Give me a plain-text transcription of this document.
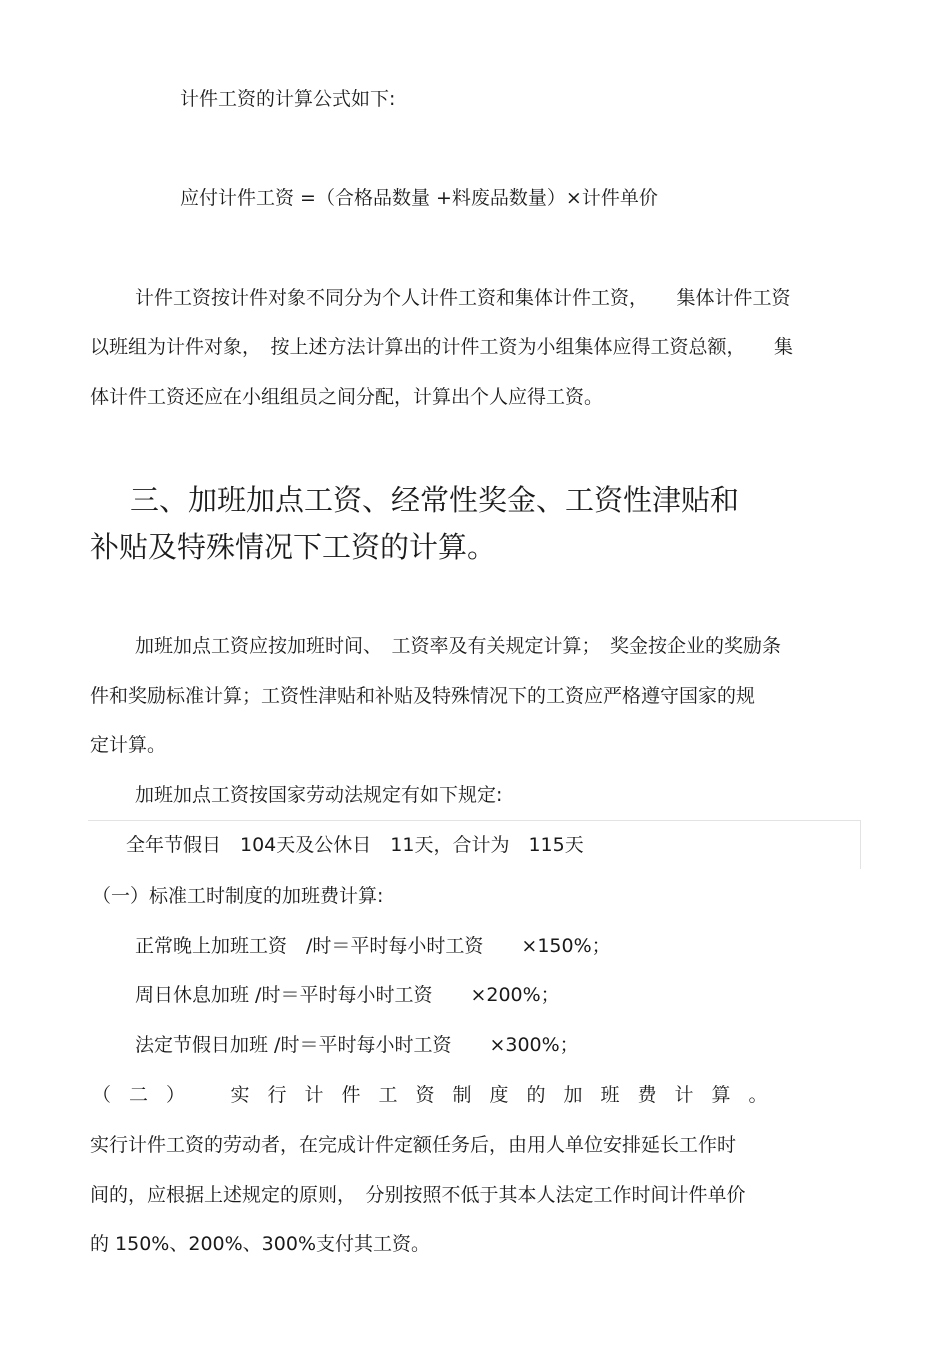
计件工资的计算公式如下:
应付计件工资 =（合格品数量 +料废品数量）×计件单价
计件工资按计件对象不同分为个人计件工资和集体计件工资，　　集体计件工资
以班组为计件对象，　按上述方法计算出的计件工资为小组集体应得工资总额，　　集
体计件工资还应在小组组员之间分配，计算出个人应得工资。
三、加班加点工资、经常性奖金、工资性津贴和
补贴及特殊情况下工资的计算。
加班加点工资应按加班时间、　工资率及有关规定计算；　奖金按企业的奖励条
件和奖励标准计算；工资性津贴和补贴及特殊情况下的工资应严格遵守国家的规
定计算。
加班加点工资按国家劳动法规定有如下规定:
全年节假日　104天及公休日　11天，合计为　115天
（一）标准工时制度的加班费计算:
正常晚上加班工资　/时＝平时每小时工资　　×150%；
周日休息加班 /时＝平时每小时工资　　×200%；
法定节假日加班 /时＝平时每小时工资　　×300%；
（二）　实行计件工资制度的加班费计算。
实行计件工资的劳动者，在完成计件定额任务后，由用人单位安排延长工作时
间的，应根据上述规定的原则，　分别按照不低于其本人法定工作时间计件单价
的 150%、200%、300%支付其工资。
